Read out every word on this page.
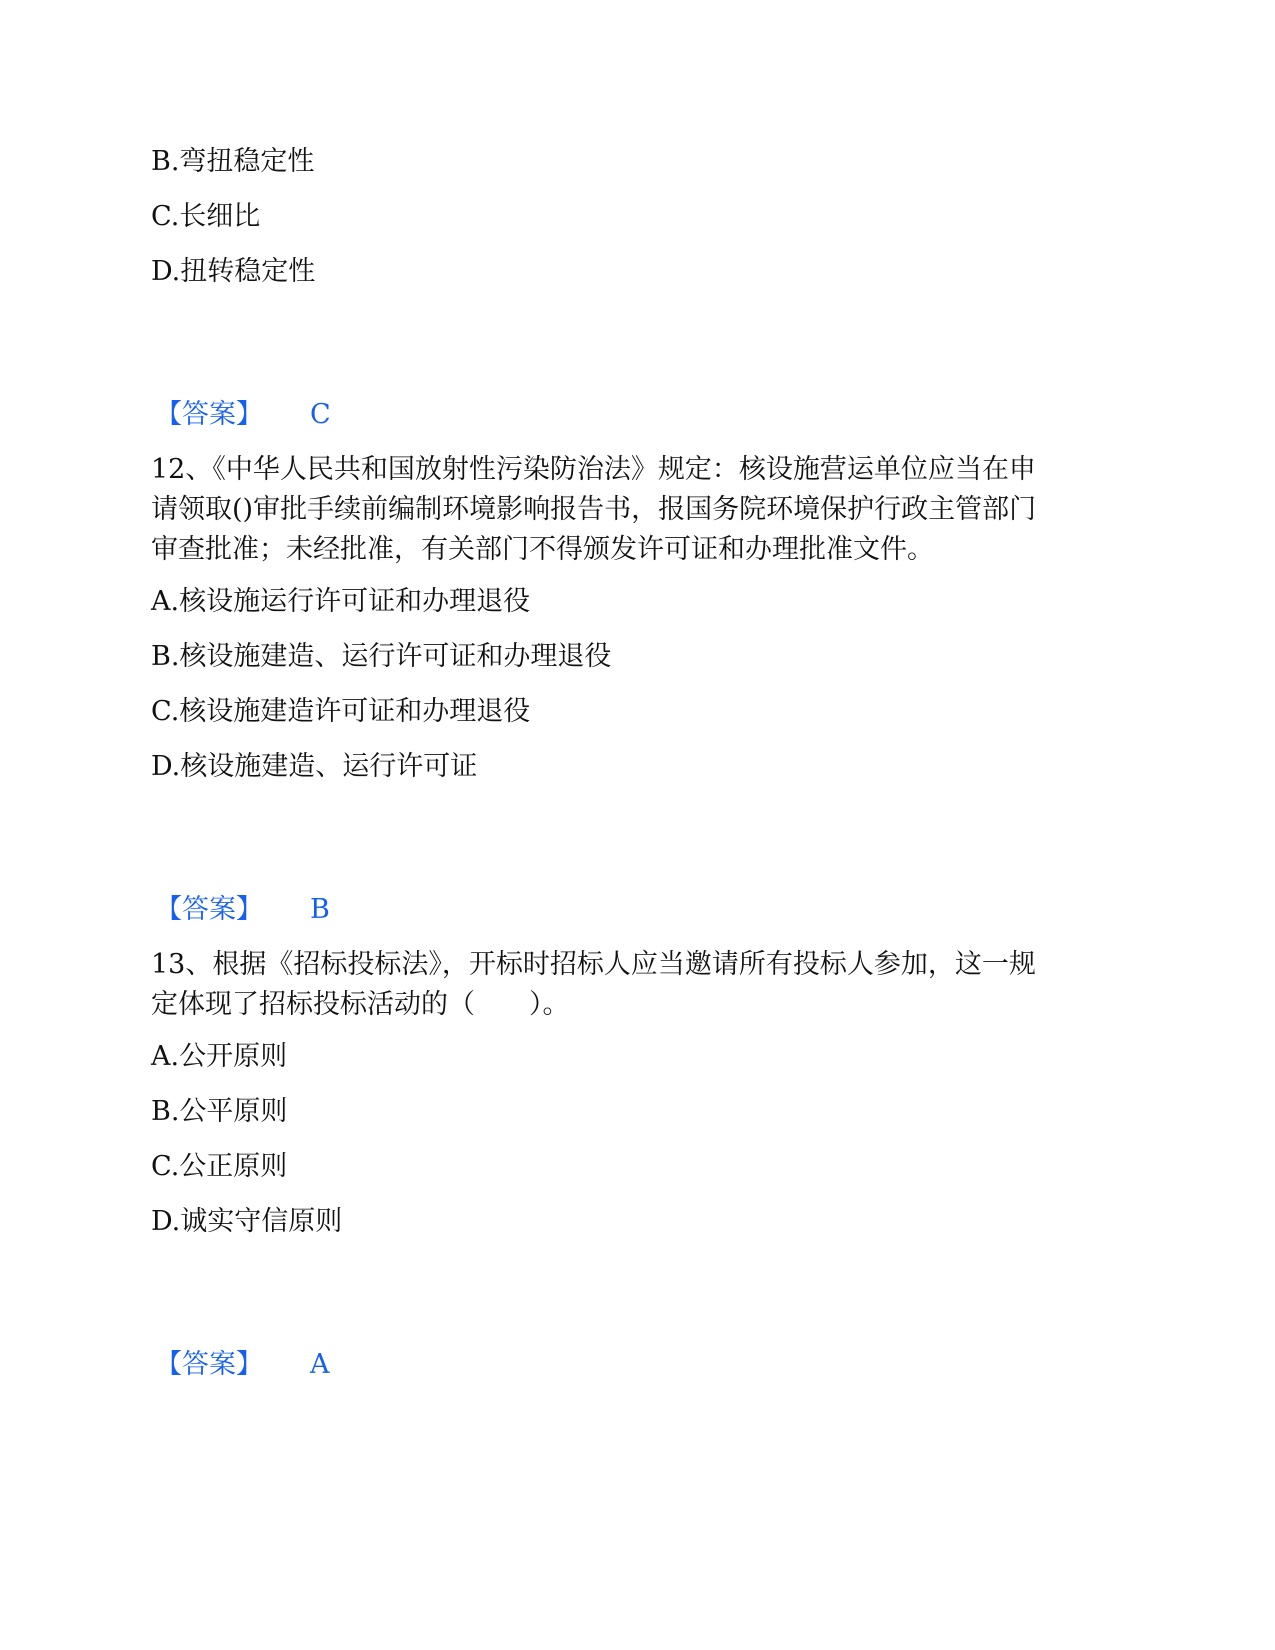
B.弯扭稳定性
C.长细比
D.扭转稳定性
【答案】 C
12、《中华人民共和国放射性污染防治法》规定：核设施营运单位应当在申
请领取()审批手续前编制环境影响报告书，报国务院环境保护行政主管部门
审查批准；未经批准，有关部门不得颁发许可证和办理批准文件。
A.核设施运行许可证和办理退役
B.核设施建造、运行许可证和办理退役
C.核设施建造许可证和办理退役
D.核设施建造、运行许可证
【答案】 B
13、根据《招标投标法》，开标时招标人应当邀请所有投标人参加，这一规
定体现了招标投标活动的（　　）。
A.公开原则
B.公平原则
C.公正原则
D.诚实守信原则
【答案】 A
